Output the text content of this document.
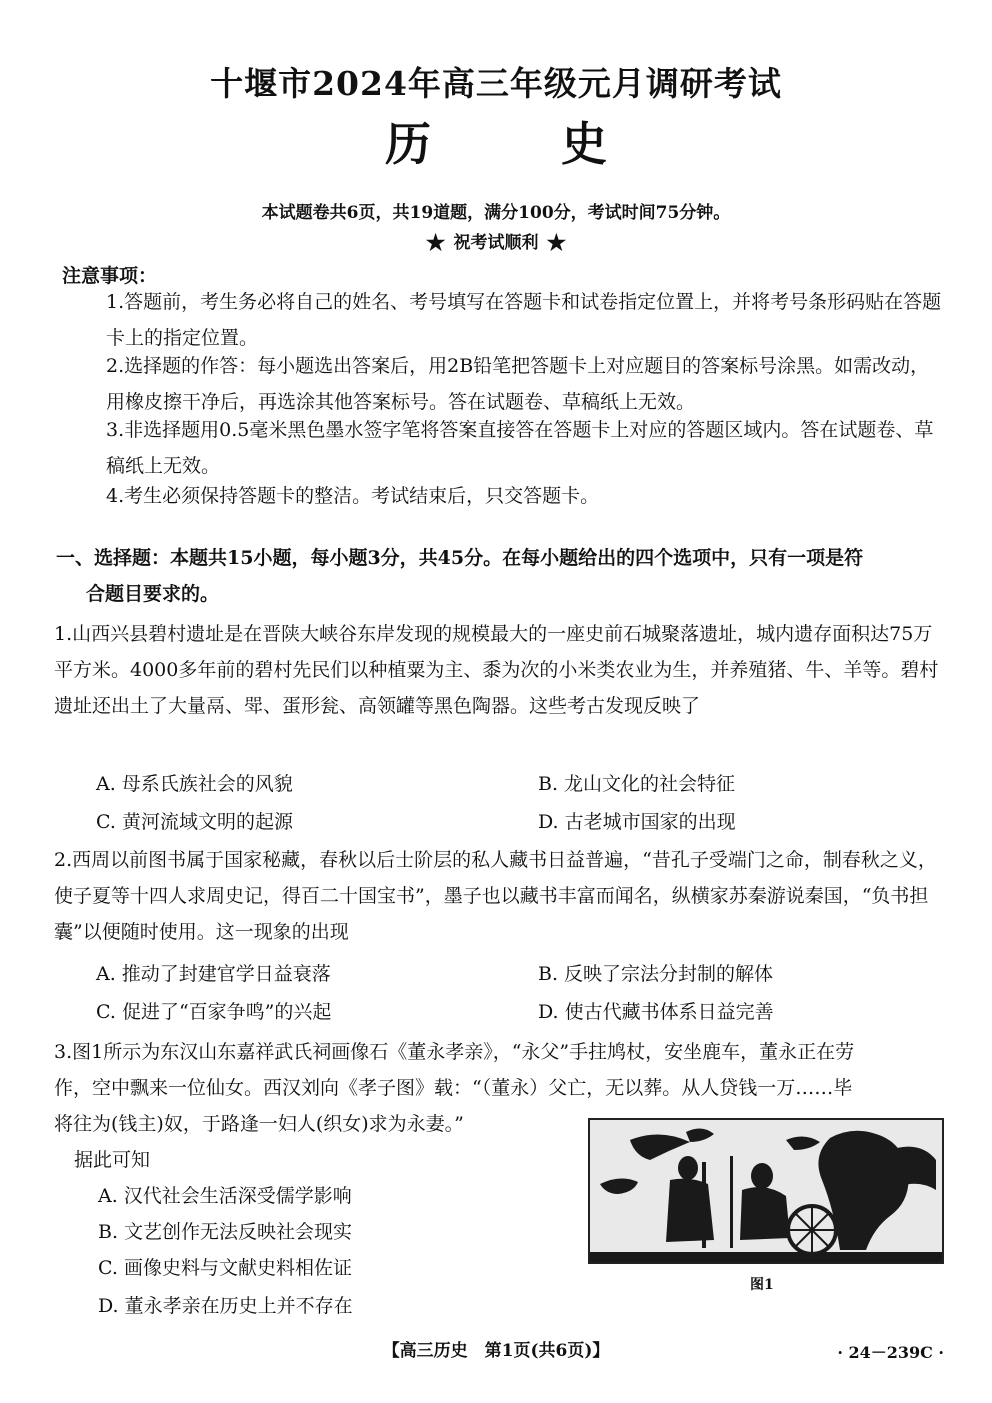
十堰市2024年高三年级元月调研考试
历史
本试题卷共6页，共19道题，满分100分，考试时间75分钟。
★ 祝考试顺利 ★
注意事项：
1.答题前，考生务必将自己的姓名、考号填写在答题卡和试卷指定位置上，并将考号条形码贴在答题卡上的指定位置。
2.选择题的作答：每小题选出答案后，用2B铅笔把答题卡上对应题目的答案标号涂黑。如需改动，用橡皮擦干净后，再选涂其他答案标号。答在试题卷、草稿纸上无效。
3.非选择题用0.5毫米黑色墨水签字笔将答案直接答在答题卡上对应的答题区域内。答在试题卷、草稿纸上无效。
4.考生必须保持答题卡的整洁。考试结束后，只交答题卡。
一、选择题：本题共15小题，每小题3分，共45分。在每小题给出的四个选项中，只有一项是符
合题目要求的。
1.山西兴县碧村遗址是在晋陕大峡谷东岸发现的规模最大的一座史前石城聚落遗址，城内遗存面积达75万平方米。4000多年前的碧村先民们以种植粟为主、黍为次的小米类农业为生，并养殖猪、牛、羊等。碧村遗址还出土了大量鬲、斝、蛋形瓮、高领罐等黑色陶器。这些考古发现反映了
A. 母系氏族社会的风貌	B. 龙山文化的社会特征
C. 黄河流域文明的起源	D. 古老城市国家的出现
2.西周以前图书属于国家秘藏，春秋以后士阶层的私人藏书日益普遍，“昔孔子受端门之命，制春秋之义，使子夏等十四人求周史记，得百二十国宝书”，墨子也以藏书丰富而闻名，纵横家苏秦游说秦国，“负书担囊”以便随时使用。这一现象的出现
A. 推动了封建官学日益衰落	B. 反映了宗法分封制的解体
C. 促进了“百家争鸣”的兴起	D. 使古代藏书体系日益完善
3.图1所示为东汉山东嘉祥武氏祠画像石《董永孝亲》，“永父”手拄鸠杖，安坐鹿车，董永正在劳
作，空中飘来一位仙女。西汉刘向《孝子图》载：“（董永）父亡，无以葬。从人贷钱一万……毕
将往为(钱主)奴，于路逢一妇人(织女)求为永妻。”
据此可知
A. 汉代社会生活深受儒学影响
B. 文艺创作无法反映社会现实
C. 画像史料与文献史料相佐证
D. 董永孝亲在历史上并不存在
图1
【高三历史　第1页(共6页)】	· 24－239C ·
